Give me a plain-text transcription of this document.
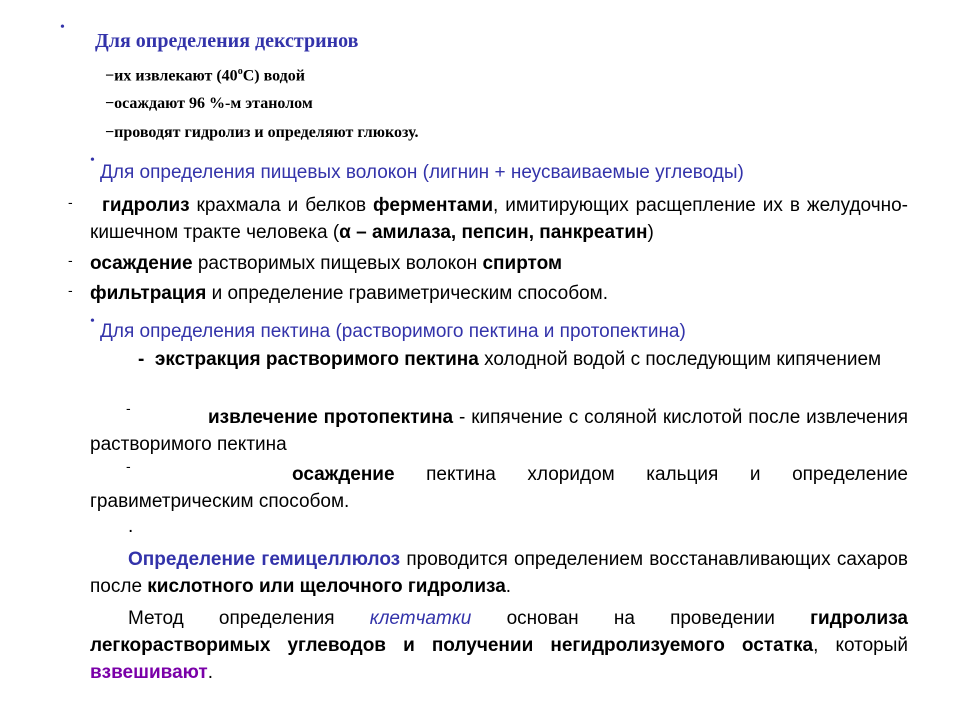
•
Для определения декстринов
−их извлекают $(40^оС)$ водой
−осаждают 96 %-м этанолом
−проводят гидролиз и определяют глюкозу.
•
Для определения пищевых волокон (лигнин + неусваиваемые углеводы)
-	гидролиз крахмала и белков ферментами, имитирующих расщепление их в желудочно-кишечном тракте человека (α – амилаза, пепсин, панкреатин)
- осаждение растворимых пищевых волокон спиртом
- фильтрация и определение гравиметрическим способом.
• Для определения пектина (растворимого пектина и протопектина)
- экстракция растворимого пектина холодной водой с последующим кипячением
-	извлечение протопектина - кипячение с соляной кислотой после извлечения растворимого пектина
-	осаждение пектина хлоридом кальция и определение гравиметрическим способом.
.
Определение гемицеллюлоз проводится определением восстанавливающих сахаров после кислотного или щелочного гидролиза.
Метод определения клетчатки основан на проведении гидролиза легкорастворимых углеводов и получении негидролизуемого остатка, который взвешивают.
